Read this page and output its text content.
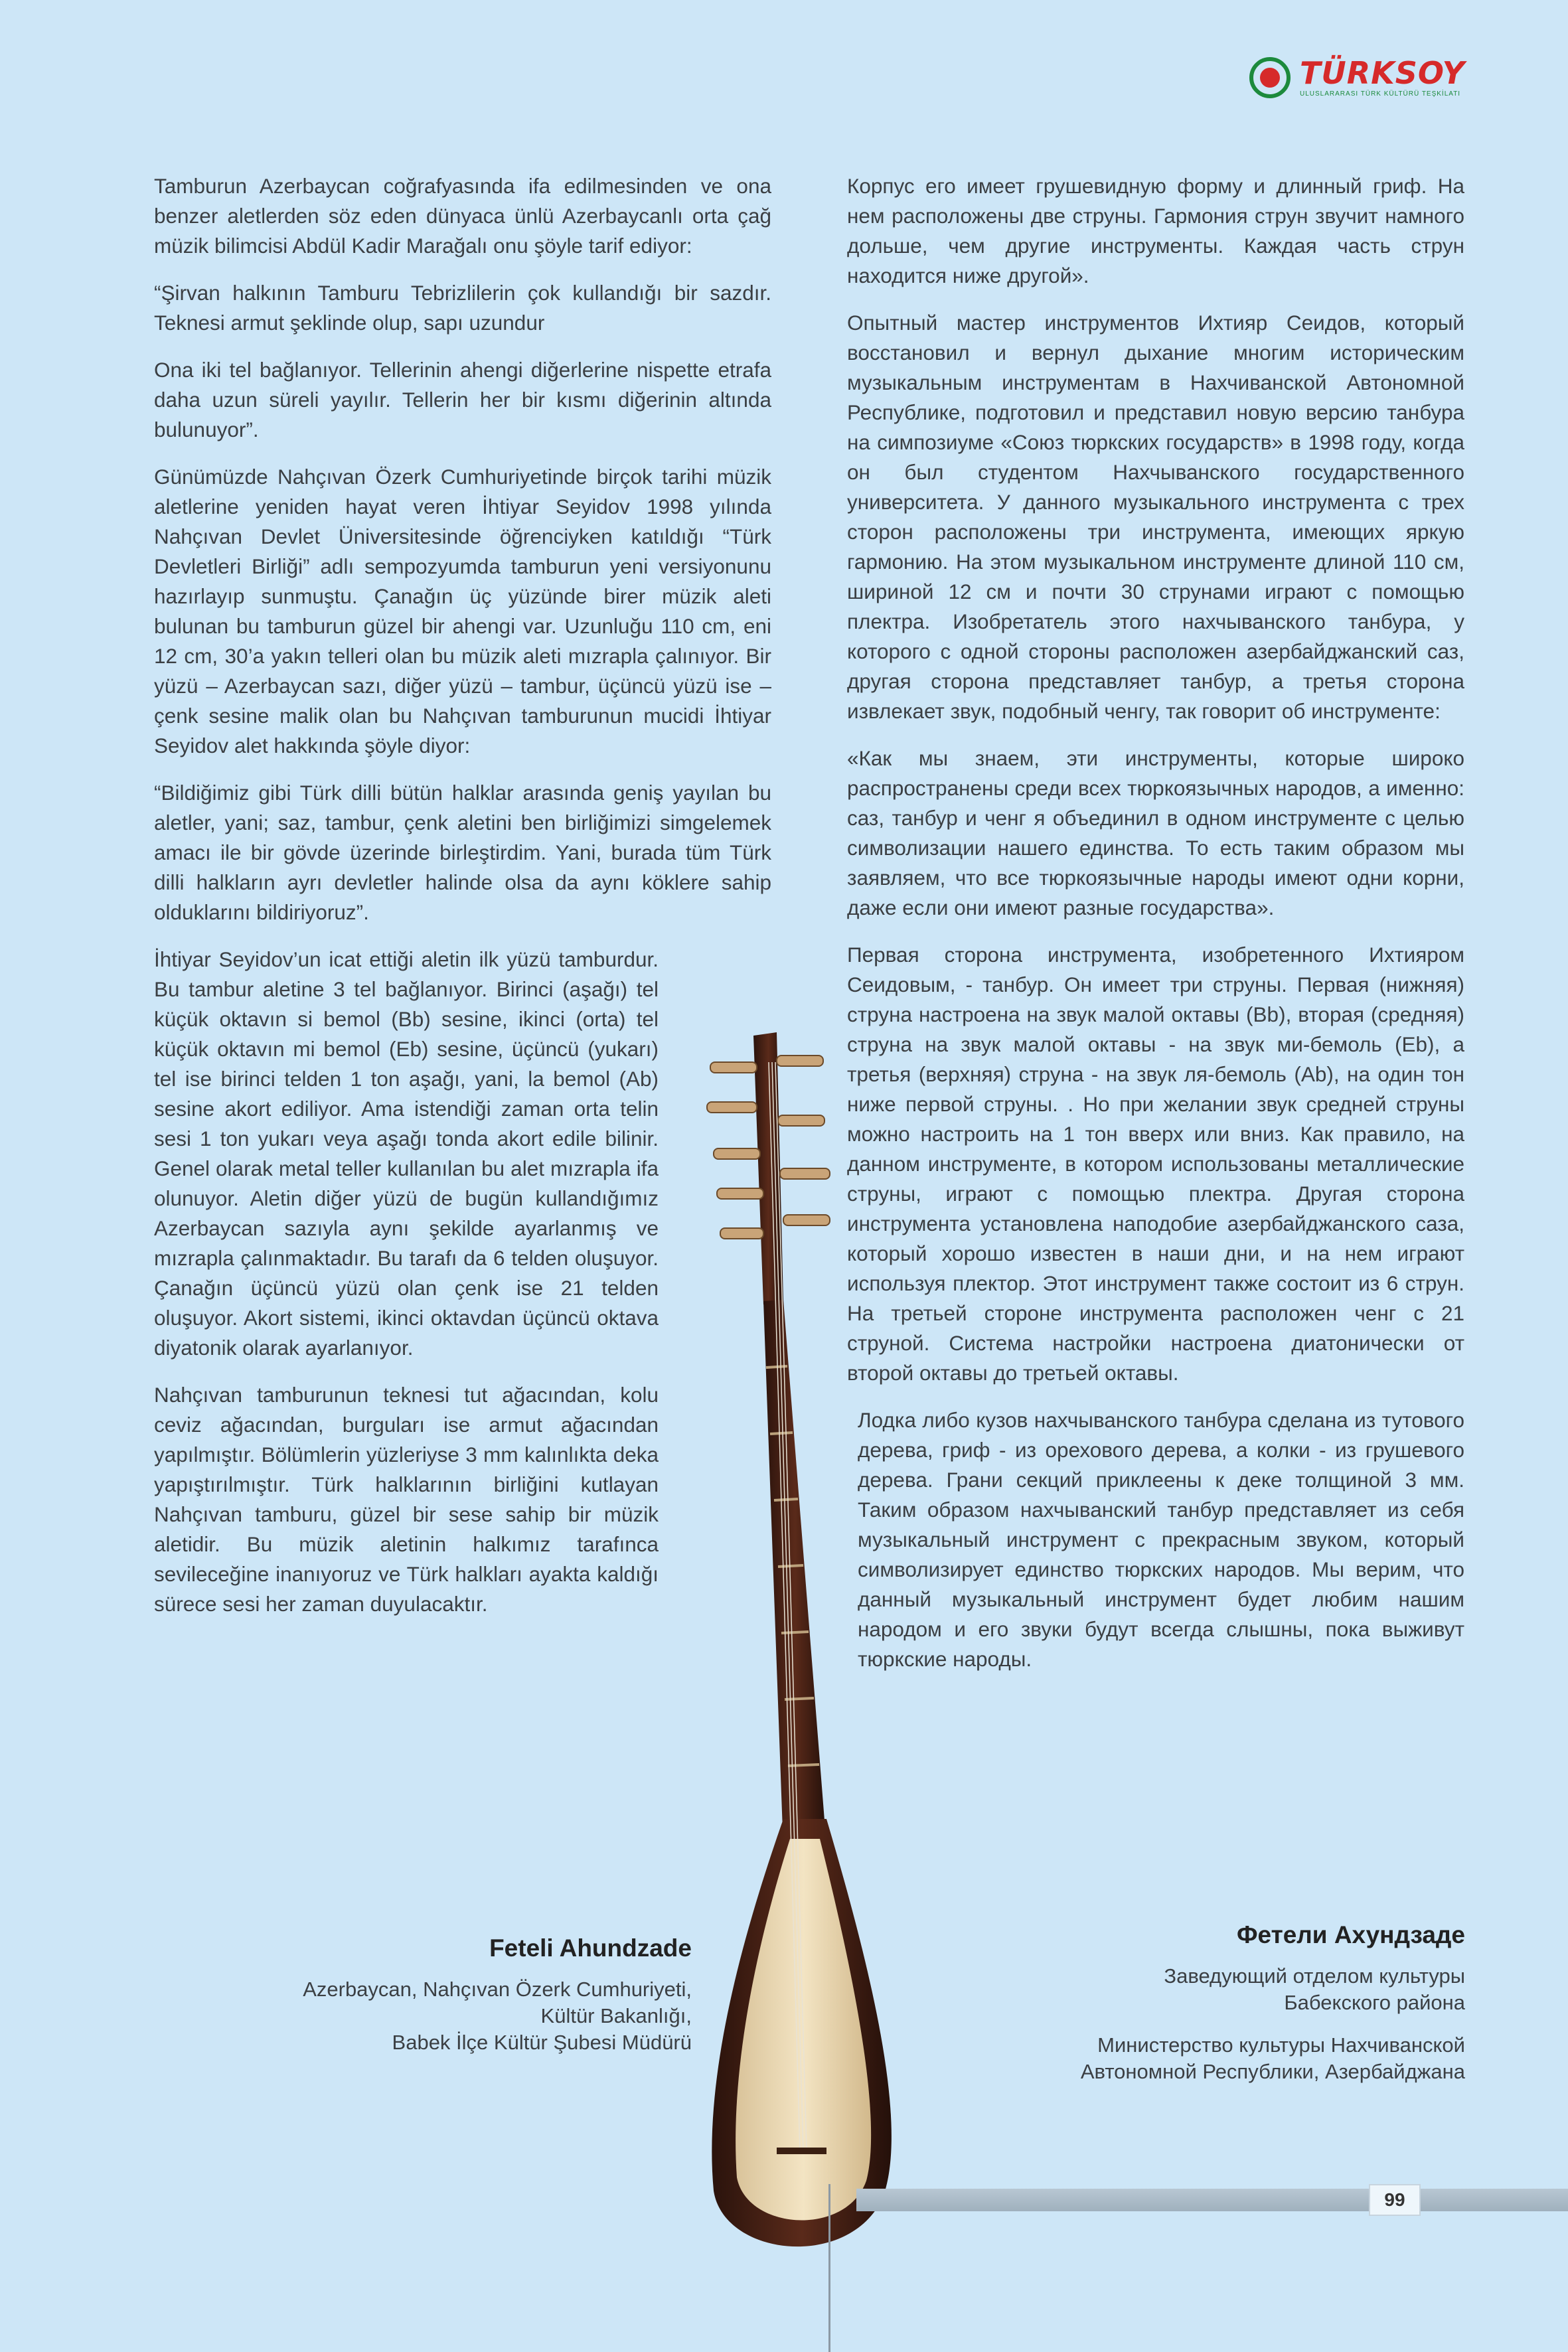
TÜRKSOY
ULUSLARARASI TÜRK KÜLTÜRÜ TEŞKİLATI

Tamburun Azerbaycan coğrafyasında ifa edilmesinden ve ona benzer aletlerden söz eden dünyaca ünlü Azerbaycanlı orta çağ müzik bilimcisi Abdül Kadir Marağalı onu şöyle tarif ediyor:

“Şirvan halkının Tamburu Tebrizlilerin çok kullandığı bir sazdır. Teknesi armut şeklinde olup, sapı uzundur

Ona iki tel bağlanıyor. Tellerinin ahengi diğerlerine nispette etrafa daha uzun süreli yayılır. Tellerin her bir kısmı diğerinin altında bulunuyor”.

Günümüzde Nahçıvan Özerk Cumhuriyetinde birçok tarihi müzik aletlerine yeniden hayat veren İhtiyar Seyidov 1998 yılında Nahçıvan Devlet Üniversitesinde öğrenciyken katıldığı “Türk Devletleri Birliği” adlı sempozyumda tamburun yeni versiyonunu hazırlayıp sunmuştu. Çanağın üç yüzünde birer müzik aleti bulunan bu tamburun güzel bir ahengi var. Uzunluğu 110 cm, eni 12 cm, 30’a yakın telleri olan bu müzik aleti mızrapla çalınıyor. Bir yüzü – Azerbaycan sazı, diğer yüzü – tambur, üçüncü yüzü ise – çenk sesine malik olan bu Nahçıvan tamburunun mucidi İhtiyar Seyidov alet hakkında şöyle diyor:

“Bildiğimiz gibi Türk dilli bütün halklar arasında geniş yayılan bu aletler, yani; saz, tambur, çenk aletini ben birliğimizi simgelemek amacı ile bir gövde üzerinde birleştirdim. Yani, burada tüm Türk dilli halkların ayrı devletler halinde olsa da aynı köklere sahip olduklarını bildiriyoruz”.

İhtiyar Seyidov’un icat ettiği aletin ilk yüzü tamburdur. Bu tambur aletine 3 tel bağlanıyor. Birinci (aşağı) tel küçük oktavın si bemol (Bb) sesine, ikinci (orta) tel küçük oktavın mi bemol (Eb) sesine, üçüncü (yukarı) tel ise birinci telden 1 ton aşağı, yani, la bemol (Ab) sesine akort ediliyor. Ama istendiği zaman orta telin sesi 1 ton yukarı veya aşağı tonda akort edile bilinir. Genel olarak metal teller kullanılan bu alet mızrapla ifa olunuyor. Aletin diğer yüzü de bugün kullandığımız Azerbaycan sazıyla aynı şekilde ayarlanmış ve mızrapla çalınmaktadır. Bu tarafı da 6 telden oluşuyor. Çanağın üçüncü yüzü olan çenk ise 21 telden oluşuyor. Akort sistemi, ikinci oktavdan üçüncü oktava diyatonik olarak ayarlanıyor.

Nahçıvan tamburunun teknesi tut ağacından, kolu ceviz ağacından, burguları ise armut ağacından yapılmıştır. Bölümlerin yüzleriyse 3 mm kalınlıkta deka yapıştırılmıştır. Türk halklarının birliğini kutlayan Nahçıvan tamburu, güzel bir sese sahip bir müzik aletidir. Bu müzik aletinin halkımız tarafınca sevileceğine inanıyoruz ve Türk halkları ayakta kaldığı sürece sesi her zaman duyulacaktır.

Корпус его имеет грушевидную форму и длинный гриф. На нем расположены две струны. Гармония струн звучит намного дольше, чем другие инструменты. Каждая часть струн находится ниже другой».

Опытный мастер инструментов Ихтияр Сеидов, который восстановил и вернул дыхание многим историческим музыкальным инструментам в Нахчиванской Автономной Республике, подготовил и представил новую версию танбура на симпозиуме «Союз тюркских государств» в 1998 году, когда он был студентом Нахчыванского государственного университета. У данного музыкального инструмента с трех сторон расположены три инструмента, имеющих яркую гармонию. На этом музыкальном инструменте длиной 110 см, шириной 12 см и почти 30 струнами играют с помощью плектра. Изобретатель этого нахчыванского танбура, у которого с одной стороны расположен азербайджанский саз, другая сторона представляет танбур, а третья сторона извлекает звук, подобный ченгу, так говорит об инструменте:

«Как мы знаем, эти инструменты, которые широко распространены среди всех тюркоязычных народов, а именно: саз, танбур и ченг я объединил в одном инструменте с целью символизации нашего единства. То есть таким образом мы заявляем, что все тюркоязычные народы имеют одни корни, даже если они имеют разные государства».

Первая сторона инструмента, изобретенного Ихтияром Сеидовым, - танбур. Он имеет три струны. Первая (нижняя) струна настроена на звук малой октавы (Bb), вторая (средняя) струна на звук малой октавы - на звук ми-бемоль (Eb), а третья (верхняя) струна - на звук ля-бемоль (Ab), на один тон ниже первой струны. . Но при желании звук средней струны можно настроить на 1 тон вверх или вниз. Как правило, на данном инструменте, в котором использованы металлические струны, играют с помощью плектра. Другая сторона инструмента установлена наподобие азербайджанского саза, который хорошо известен в наши дни, и на нем играют используя плектор. Этот инструмент также состоит из 6 струн. На третьей стороне инструмента расположен ченг с 21 струной. Система настройки настроена диатонически от второй октавы до третьей октавы.

Лодка либо кузов нахчыванского танбура сделана из тутового дерева, гриф - из орехового дерева, а колки - из грушевого дерева. Грани секций приклеены к деке толщиной 3 мм. Таким образом нахчыванский танбур представляет из себя музыкальный инструмент с прекрасным звуком, который символизирует единство тюркских народов. Мы верим, что данный музыкальный инструмент будет любим нашим народом и его звуки будут всегда слышны, пока выживут тюркские народы.

Feteli Ahundzade
Azerbaycan, Nahçıvan Özerk Cumhuriyeti,
Kültür Bakanlığı,
Babek İlçe Kültür Şubesi Müdürü
Фетели Ахундзаде
Заведующий отделом культуры
Бабекского района
Министерство культуры Нахчиванской
Автономной Республики, Азербайджана
99
